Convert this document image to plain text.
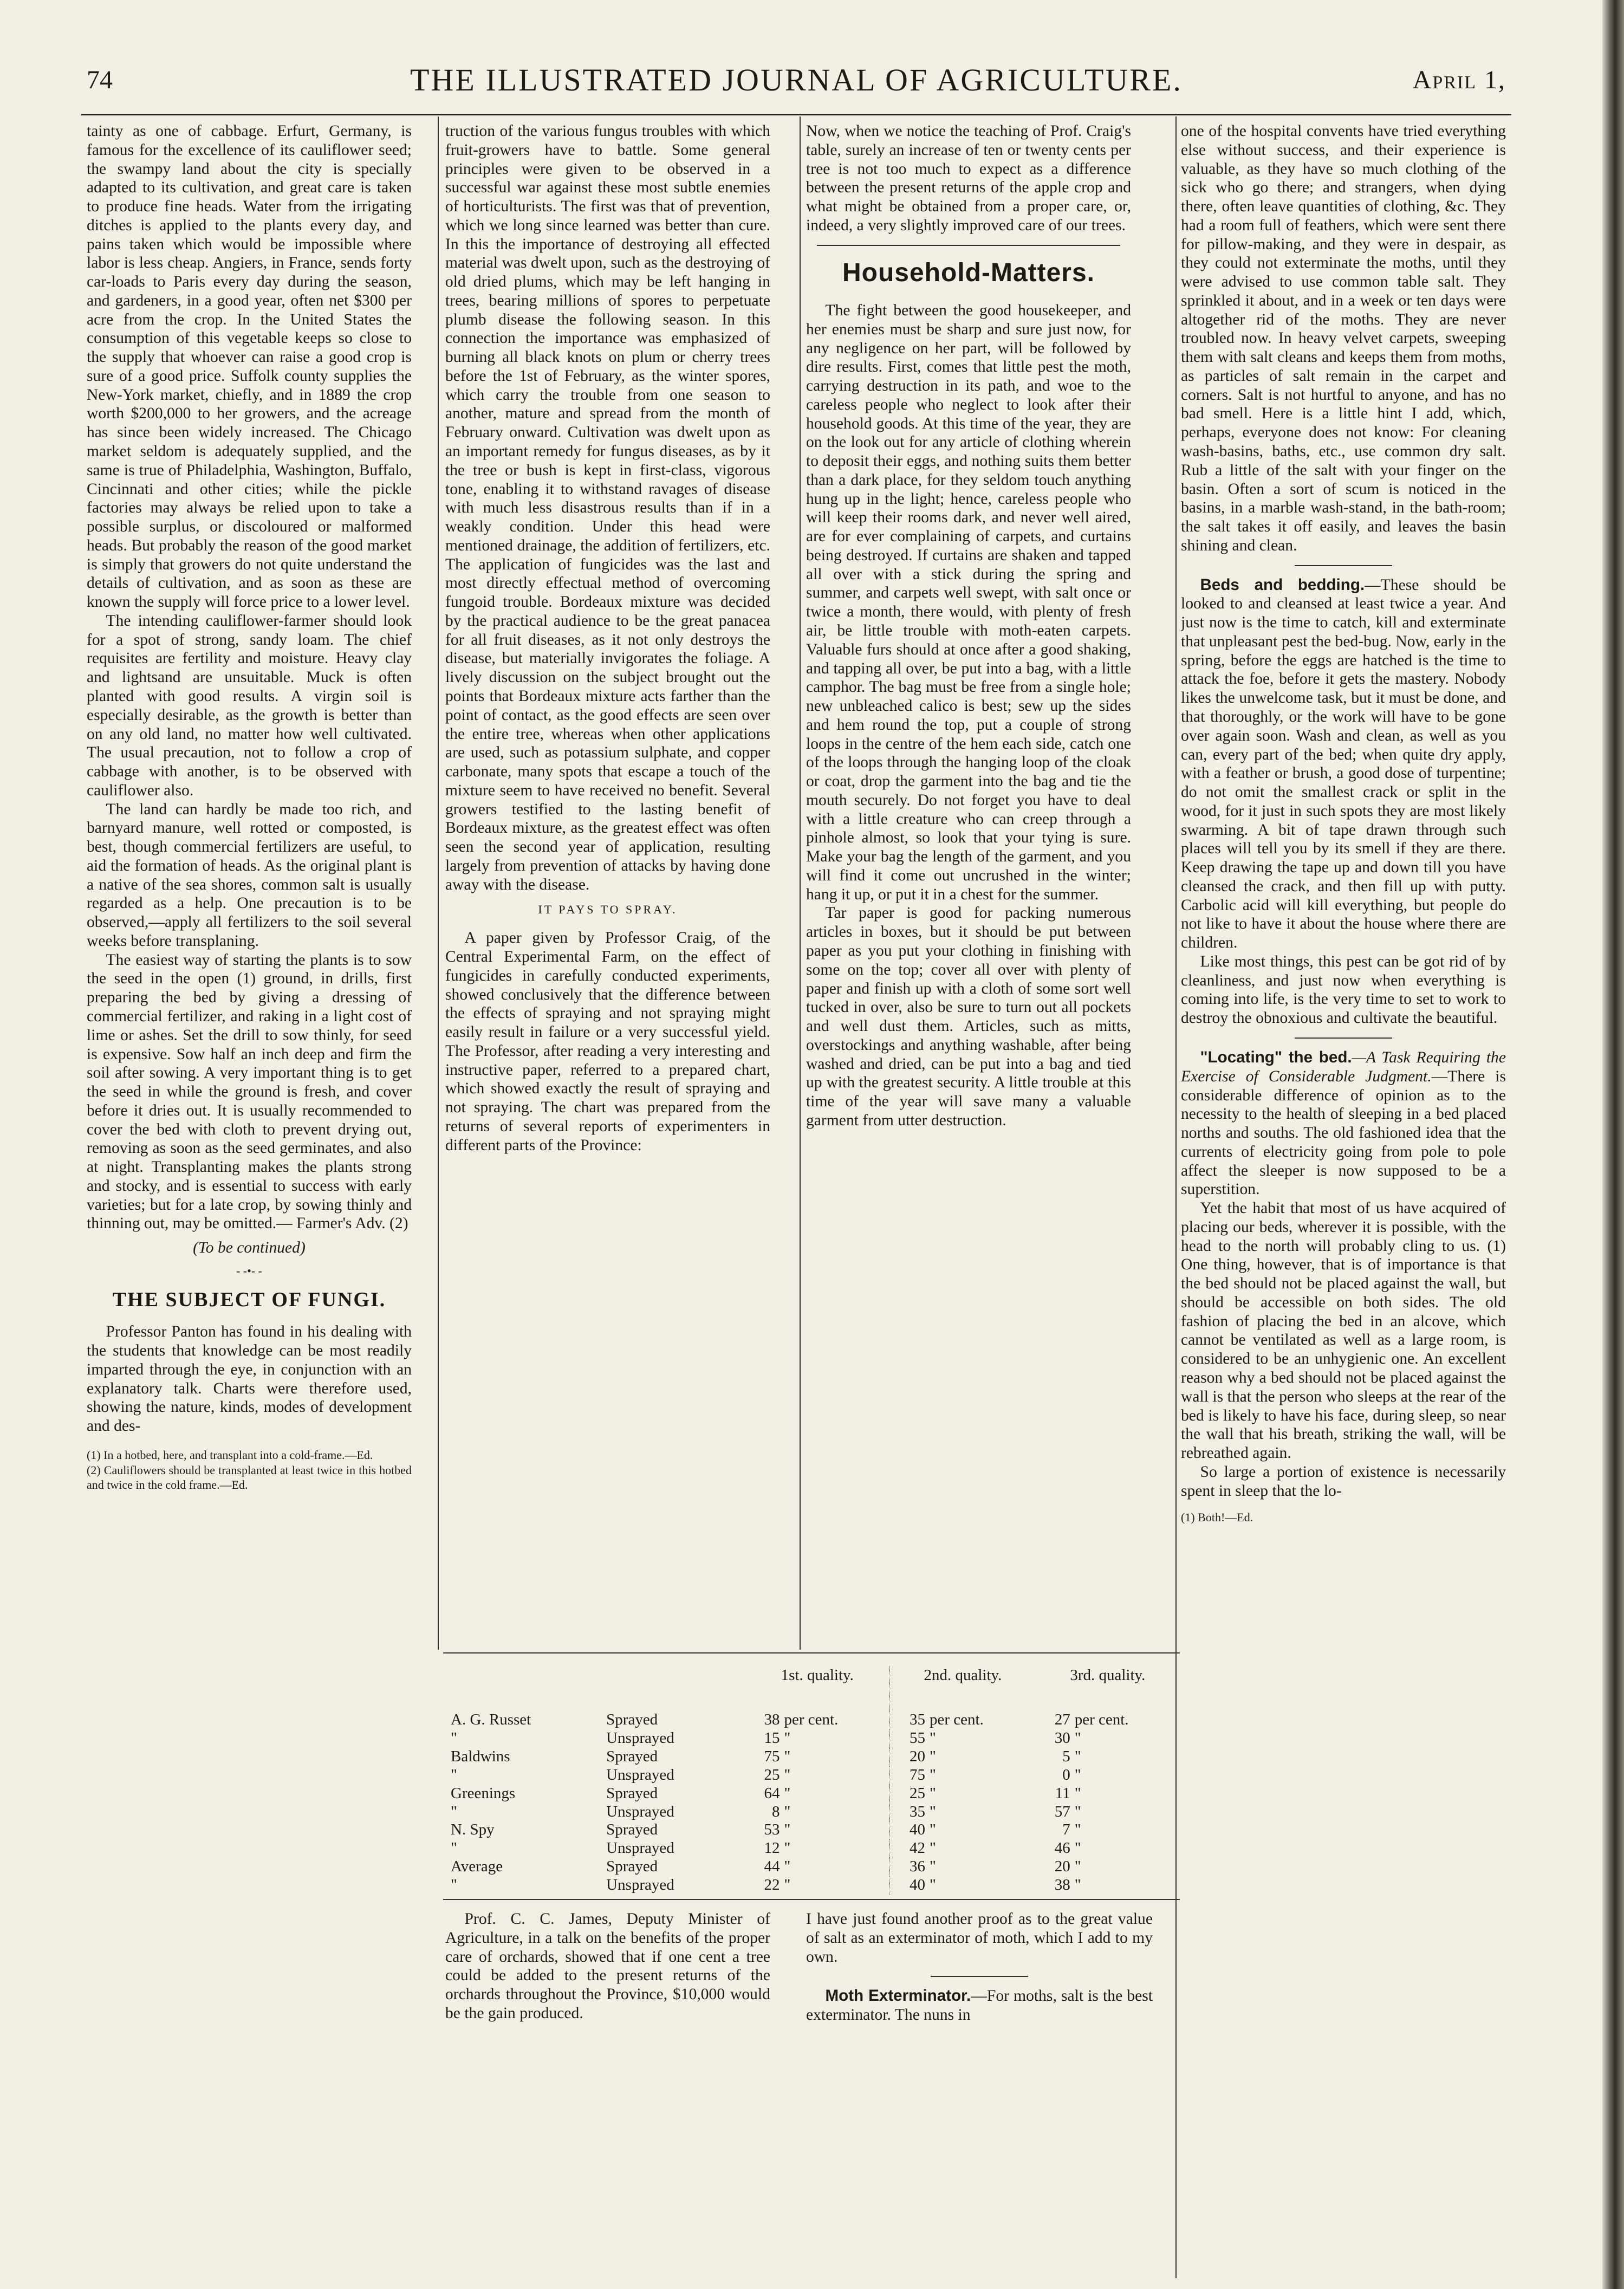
74	THE ILLUSTRATED JOURNAL OF AGRICULTURE.	April 1,

tainty as one of cabbage. Erfurt, Germany, is famous for the excellence of its cauliflower seed; the swampy land about the city is specially adapted to its cultivation, and great care is taken to produce fine heads. Water from the irrigating ditches is applied to the plants every day, and pains taken which would be impossible where labor is less cheap. Angiers, in France, sends forty car-loads to Paris every day during the season, and gardeners, in a good year, often net $300 per acre from the crop. In the United States the consumption of this vegetable keeps so close to the supply that whoever can raise a good crop is sure of a good price. Suffolk county supplies the New-York market, chiefly, and in 1889 the crop worth $200,000 to her growers, and the acreage has since been widely increased. The Chicago market seldom is adequately supplied, and the same is true of Philadelphia, Washington, Buffalo, Cincinnati and other cities; while the pickle factories may always be relied upon to take a possible surplus, or discoloured or malformed heads. But probably the reason of the good market is simply that growers do not quite understand the details of cultivation, and as soon as these are known the supply will force price to a lower level.

The intending cauliflower-farmer should look for a spot of strong, sandy loam. The chief requisites are fertility and moisture. Heavy clay and lightsand are unsuitable. Muck is often planted with good results. A virgin soil is especially desirable, as the growth is better than on any old land, no matter how well cultivated. The usual precaution, not to follow a crop of cabbage with another, is to be observed with cauliflower also.

The land can hardly be made too rich, and barnyard manure, well rotted or composted, is best, though commercial fertilizers are useful, to aid the formation of heads. As the original plant is a native of the sea shores, common salt is usually regarded as a help. One precaution is to be observed,—apply all fertilizers to the soil several weeks before transplaning.

The easiest way of starting the plants is to sow the seed in the open (1) ground, in drills, first preparing the bed by giving a dressing of commercial fertilizer, and raking in a light cost of lime or ashes. Set the drill to sow thinly, for seed is expensive. Sow half an inch deep and firm the soil after sowing. A very important thing is to get the seed in while the ground is fresh, and cover before it dries out. It is usually recommended to cover the bed with cloth to prevent drying out, removing as soon as the seed germinates, and also at night. Transplanting makes the plants strong and stocky, and is essential to success with early varieties; but for a late crop, by sowing thinly and thinning out, may be omitted.— Farmer's Adv. (2)

(To be continued)

- -•- -
THE SUBJECT OF FUNGI.

Professor Panton has found in his dealing with the students that knowledge can be most readily imparted through the eye, in conjunction with an explanatory talk. Charts were therefore used, showing the nature, kinds, modes of development and des-

(1) In a hotbed, here, and transplant into a cold-frame.—Ed.

(2) Cauliflowers should be transplanted at least twice in this hotbed and twice in the cold frame.—Ed.

truction of the various fungus troubles with which fruit-growers have to battle. Some general principles were given to be observed in a successful war against these most subtle enemies of horticulturists. The first was that of prevention, which we long since learned was better than cure. In this the importance of destroying all effected material was dwelt upon, such as the destroying of old dried plums, which may be left hanging in trees, bearing millions of spores to perpetuate plumb disease the following season. In this connection the importance was emphasized of burning all black knots on plum or cherry trees before the 1st of February, as the winter spores, which carry the trouble from one season to another, mature and spread from the month of February onward. Cultivation was dwelt upon as an important remedy for fungus diseases, as by it the tree or bush is kept in first-class, vigorous tone, enabling it to withstand ravages of disease with much less disastrous results than if in a weakly condition. Under this head were mentioned drainage, the addition of fertilizers, etc. The application of fungicides was the last and most directly effectual method of overcoming fungoid trouble. Bordeaux mixture was decided by the practical audience to be the great panacea for all fruit diseases, as it not only destroys the disease, but materially invigorates the foliage. A lively discussion on the subject brought out the points that Bordeaux mixture acts farther than the point of contact, as the good effects are seen over the entire tree, whereas when other applications are used, such as potassium sulphate, and copper carbonate, many spots that escape a touch of the mixture seem to have received no benefit. Several growers testified to the lasting benefit of Bordeaux mixture, as the greatest effect was often seen the second year of application, resulting largely from prevention of attacks by having done away with the disease.

IT PAYS TO SPRAY.

A paper given by Professor Craig, of the Central Experimental Farm, on the effect of fungicides in carefully conducted experiments, showed conclusively that the difference between the effects of spraying and not spraying might easily result in failure or a very successful yield. The Professor, after reading a very interesting and instructive paper, referred to a prepared chart, which showed exactly the result of spraying and not spraying. The chart was prepared from the returns of several reports of experimenters in different parts of the Province:

Now, when we notice the teaching of Prof. Craig's table, surely an increase of ten or twenty cents per tree is not too much to expect as a difference between the present returns of the apple crop and what might be obtained from a proper care, or, indeed, a very slightly improved care of our trees.

Household-Matters.

The fight between the good housekeeper, and her enemies must be sharp and sure just now, for any negligence on her part, will be followed by dire results. First, comes that little pest the moth, carrying destruction in its path, and woe to the careless people who neglect to look after their household goods. At this time of the year, they are on the look out for any article of clothing wherein to deposit their eggs, and nothing suits them better than a dark place, for they seldom touch anything hung up in the light; hence, careless people who will keep their rooms dark, and never well aired, are for ever complaining of carpets, and curtains being destroyed. If curtains are shaken and tapped all over with a stick during the spring and summer, and carpets well swept, with salt once or twice a month, there would, with plenty of fresh air, be little trouble with moth-eaten carpets. Valuable furs should at once after a good shaking, and tapping all over, be put into a bag, with a little camphor. The bag must be free from a single hole; new unbleached calico is best; sew up the sides and hem round the top, put a couple of strong loops in the centre of the hem each side, catch one of the loops through the hanging loop of the cloak or coat, drop the garment into the bag and tie the mouth securely. Do not forget you have to deal with a little creature who can creep through a pinhole almost, so look that your tying is sure. Make your bag the length of the garment, and you will find it come out uncrushed in the winter; hang it up, or put it in a chest for the summer.

Tar paper is good for packing numerous articles in boxes, but it should be put between paper as you put your clothing in finishing with some on the top; cover all over with plenty of paper and finish up with a cloth of some sort well tucked in over, also be sure to turn out all pockets and well dust them. Articles, such as mitts, overstockings and anything washable, after being washed and dried, can be put into a bag and tied up with the greatest security. A little trouble at this time of the year will save many a valuable garment from utter destruction.

one of the hospital convents have tried everything else without success, and their experience is valuable, as they have so much clothing of the sick who go there; and strangers, when dying there, often leave quantities of clothing, &c. They had a room full of feathers, which were sent there for pillow-making, and they were in despair, as they could not exterminate the moths, until they were advised to use common table salt. They sprinkled it about, and in a week or ten days were altogether rid of the moths. They are never troubled now. In heavy velvet carpets, sweeping them with salt cleans and keeps them from moths, as particles of salt remain in the carpet and corners. Salt is not hurtful to anyone, and has no bad smell. Here is a little hint I add, which, perhaps, everyone does not know: For cleaning wash-basins, baths, etc., use common dry salt. Rub a little of the salt with your finger on the basin. Often a sort of scum is noticed in the basins, in a marble wash-stand, in the bath-room; the salt takes it off easily, and leaves the basin shining and clean.

Beds and bedding.—These should be looked to and cleansed at least twice a year. And just now is the time to catch, kill and exterminate that unpleasant pest the bed-bug. Now, early in the spring, before the eggs are hatched is the time to attack the foe, before it gets the mastery. Nobody likes the unwelcome task, but it must be done, and that thoroughly, or the work will have to be gone over again soon. Wash and clean, as well as you can, every part of the bed; when quite dry apply, with a feather or brush, a good dose of turpentine; do not omit the smallest crack or split in the wood, for it just in such spots they are most likely swarming. A bit of tape drawn through such places will tell you by its smell if they are there. Keep drawing the tape up and down till you have cleansed the crack, and then fill up with putty. Carbolic acid will kill everything, but people do not like to have it about the house where there are children.

Like most things, this pest can be got rid of by cleanliness, and just now when everything is coming into life, is the very time to set to work to destroy the obnoxious and cultivate the beautiful.

"Locating" the bed.—A Task Requiring the Exercise of Considerable Judgment.—There is considerable difference of opinion as to the necessity to the health of sleeping in a bed placed norths and souths. The old fashioned idea that the currents of electricity going from pole to pole affect the sleeper is now supposed to be a superstition.

Yet the habit that most of us have acquired of placing our beds, wherever it is possible, with the head to the north will probably cling to us. (1) One thing, however, that is of importance is that the bed should not be placed against the wall, but should be accessible on both sides. The old fashion of placing the bed in an alcove, which cannot be ventilated as well as a large room, is considered to be an unhygienic one. An excellent reason why a bed should not be placed against the wall is that the person who sleeps at the rear of the bed is likely to have his face, during sleep, so near the wall that his breath, striking the wall, will be rebreathed again.

So large a portion of existence is necessarily spent in sleep that the lo-

(1) Both!—Ed.

			1st. quality.		2nd. quality.		3rd. quality.	
A. G. Russet	Sprayed		38	per cent.	35	per cent.	27	per cent.
"	Unsprayed		15	"	55	"	30	"
Baldwins	Sprayed		75	"	20	"	5	"
"	Unsprayed		25	"	75	"	0	"
Greenings	Sprayed		64	"	25	"	11	"
"	Unsprayed		8	"	35	"	57	"
N. Spy	Sprayed		53	"	40	"	7	"
"	Unsprayed		12	"	42	"	46	"
Average	Sprayed		44	"	36	"	20	"
"	Unsprayed		22	"	40	"	38	"

Prof. C. C. James, Deputy Minister of Agriculture, in a talk on the benefits of the proper care of orchards, showed that if one cent a tree could be added to the present returns of the orchards throughout the Province, $10,000 would be the gain produced.

I have just found another proof as to the great value of salt as an exterminator of moth, which I add to my own.

Moth Exterminator.—For moths, salt is the best exterminator. The nuns in
